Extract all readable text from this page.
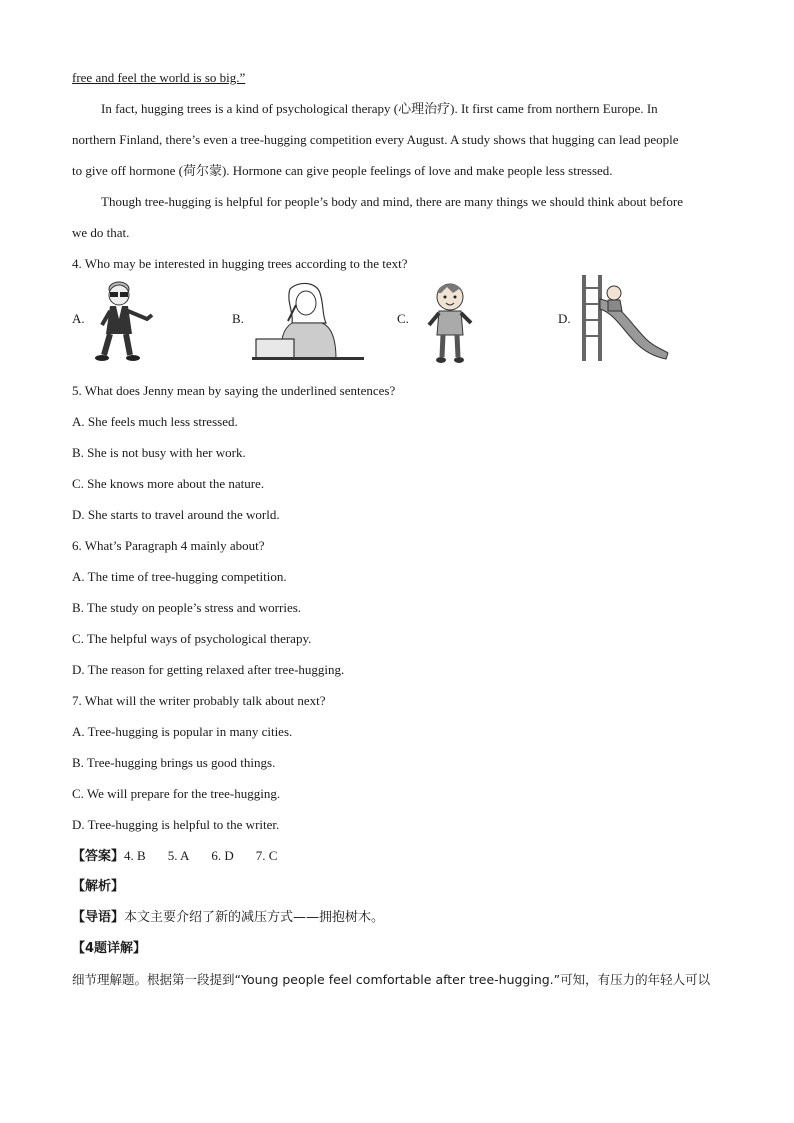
free and feel the world is so big.”
In fact, hugging trees is a kind of psychological therapy (心理治疗). It first came from northern Europe. In
northern Finland, there’s even a tree-hugging competition every August. A study shows that hugging can lead people
to give off hormone (荷尔蒙). Hormone can give people feelings of love and make people less stressed.
Though tree-hugging is helpful for people’s body and mind, there are many things we should think about before
we do that.
4. Who may be interested in hugging trees according to the text?
A.	B.	C.	D.
5. What does Jenny mean by saying the underlined sentences?
A. She feels much less stressed.
B. She is not busy with her work.
C. She knows more about the nature.
D. She starts to travel around the world.
6. What’s Paragraph 4 mainly about?
A. The time of tree-hugging competition.
B. The study on people’s stress and worries.
C. The helpful ways of psychological therapy.
D. The reason for getting relaxed after tree-hugging.
7. What will the writer probably talk about next?
A. Tree-hugging is popular in many cities.
B. Tree-hugging brings us good things.
C. We will prepare for the tree-hugging.
D. Tree-hugging is helpful to the writer.
【答案】4. B 5. A 6. D 7. C
【解析】
【导语】本文主要介绍了新的减压方式——拥抱树木。
【4题详解】
细节理解题。根据第一段提到“Young people feel comfortable after tree-hugging.”可知，有压力的年轻人可以
